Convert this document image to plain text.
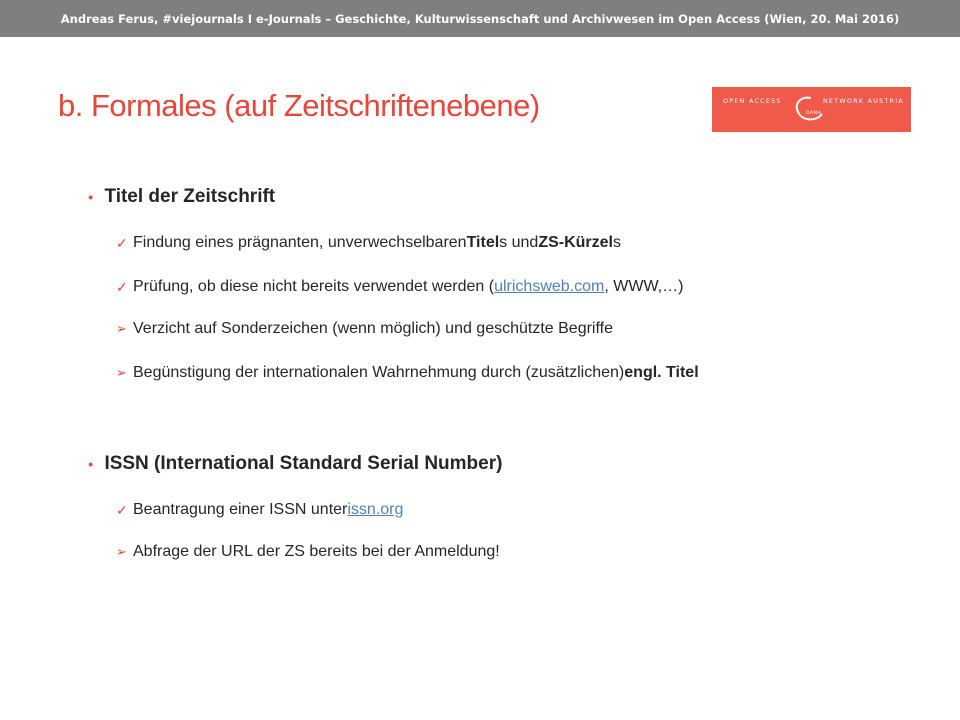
Andreas Ferus, #viejournals I e-Journals – Geschichte, Kulturwissenschaft und Archivwesen im Open Access (Wien, 20. Mai 2016)
b. Formales (auf Zeitschriftenebene)	OPEN ACCESS	NETWORK AUSTRIA
OANA
● Titel der Zeitschrift
✓ Findung eines prägnanten, unverwechselbaren Titel s und ZS-Kürzel s
✓ Prüfung, ob diese nicht bereits verwendet werden ( ulrichsweb.com , WWW,…)
➢ Verzicht auf Sonderzeichen (wenn möglich) und geschützte Begriffe
➢ Begünstigung der internationalen Wahrnehmung durch (zusätzlichen) engl. Titel
● ISSN (International Standard Serial Number)
✓ Beantragung einer ISSN unter issn.org
➢ Abfrage der URL der ZS bereits bei der Anmeldung!
